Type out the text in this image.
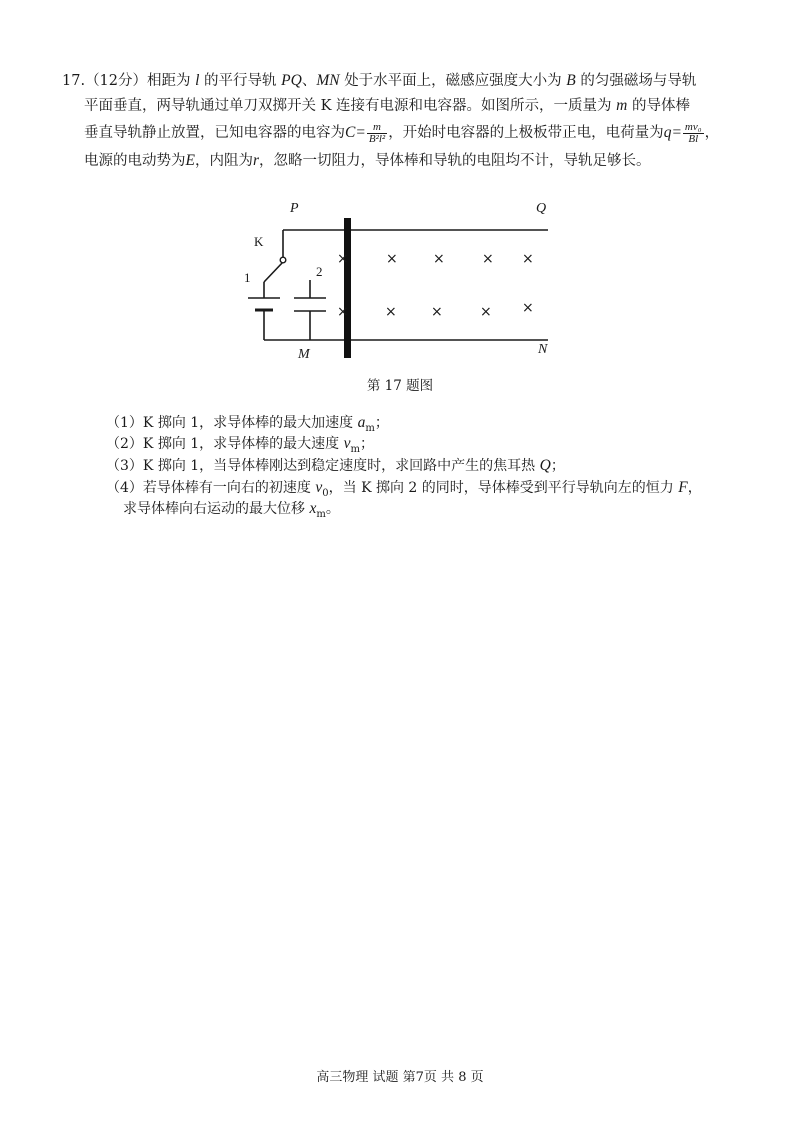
17.（12分）相距为 l 的平行导轨 PQ、MN 处于水平面上，磁感应强度大小为 B 的匀强磁场与导轨
平面垂直，两导轨通过单刀双掷开关 K 连接有电源和电容器。如图所示，一质量为 m 的导体棒
垂直导轨静止放置，已知电容器的电容为$C= \frac{m}{\text{B²l²}}$ ，开始时电容器的上极板带正电，电荷量为$q= \frac{\text{mv₀}}{Bl}$ ，
电源的电动势为E，内阻为r，忽略一切阻力，导体棒和导轨的电阻均不计，导轨足够长。
P	Q
M	N
K
1	2
×	×	×	× ×
×	× ×	× ×
第 17 题图
（1）K 掷向 1，求导体棒的最大加速度 $a_m$；
（2）K 掷向 1，求导体棒的最大速度 $v_m$；
（3）K 掷向 1，当导体棒刚达到稳定速度时，求回路中产生的焦耳热 Q；
（4）若导体棒有一向右的初速度 $v_0$，当 K 掷向 2 的同时，导体棒受到平行导轨向左的恒力 F，
求导体棒向右运动的最大位移 $x_m$。
高三物理 试题 第7页 共 8 页
